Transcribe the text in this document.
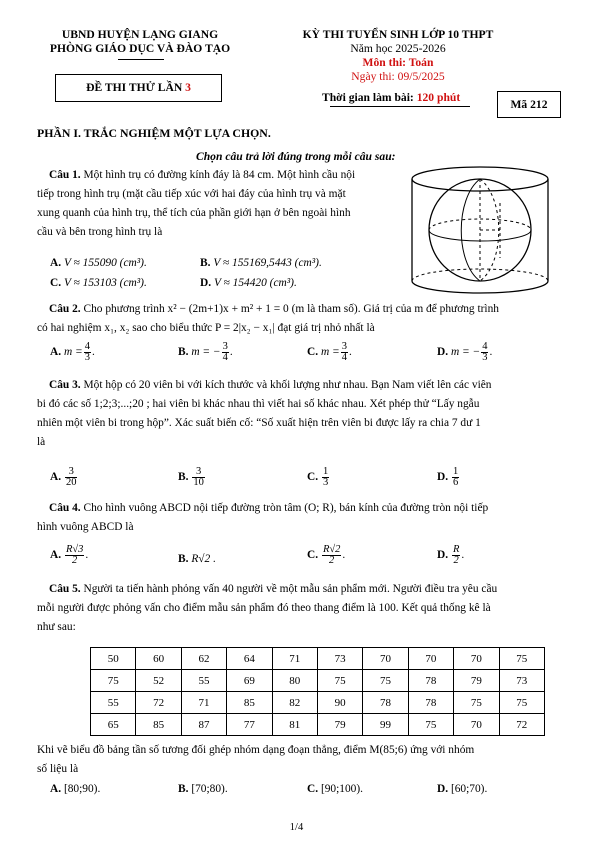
UBND HUYỆN LẠNG GIANG
PHÒNG GIÁO DỤC VÀ ĐÀO TẠO
ĐỀ THI THỬ LẦN 3
KỲ THI TUYỂN SINH LỚP 10 THPT
Năm học 2025-2026
Môn thi: Toán
Ngày thi: 09/5/2025
Thời gian làm bài: 120 phút
Mã 212
PHẦN I. TRẮC NGHIỆM MỘT LỰA CHỌN.
Chọn câu trả lời đúng trong mỗi câu sau:
Câu 1. Một hình trụ có đường kính đáy là 84 cm. Một hình cầu nội
tiếp trong hình trụ (mặt cầu tiếp xúc với hai đáy của hình trụ và mặt
xung quanh của hình trụ, thể tích của phần giới hạn ở bên ngoài hình
cầu và bên trong hình trụ là
A. V ≈ 155090 (cm³).	B. V ≈ 155169,5443 (cm³).
C. V ≈ 153103 (cm³).	D. V ≈ 154420 (cm³).
Câu 2. Cho phương trình x² − (2m+1)x + m² + 1 = 0 (m là tham số). Giá trị của m để phương trình
có hai nghiệm x₁, x₂ sao cho biểu thức P = 2|x₂ − x₁| đạt giá trị nhỏ nhất là
A. $m = \frac{4}{3}$ .	B. m = − $\frac{3}{4}$ .	C. $m = \frac{3}{4}$ .	D. m = − $\frac{4}{3}$ .
Câu 3. Một hộp có 20 viên bi với kích thước và khối lượng như nhau. Bạn Nam viết lên các viên
bi đó các số 1;2;3;...;20 ; hai viên bi khác nhau thì viết hai số khác nhau. Xét phép thử “Lấy ngẫu
nhiên một viên bi trong hộp”. Xác suất biến cố: “Số xuất hiện trên viên bi được lấy ra chia 7 dư 1
là
A. $\frac{3}{20}$	B. $\frac{3}{10}$	C. $\frac{1}{3}$	D. $\frac{1}{6}$
Câu 4. Cho hình vuông ABCD nội tiếp đường tròn tâm (O; R), bán kính của đường tròn nội tiếp
hình vuông ABCD là
A. $\frac{R√3}{2}$ .	B. R√2 .	C. $\frac{R√2}{2}$ .	D. $\frac{R}{2}$ .
Câu 5. Người ta tiến hành phỏng vấn 40 người về một mẫu sản phẩm mới. Người điều tra yêu cầu
mỗi người được phỏng vấn cho điểm mẫu sản phẩm đó theo thang điểm là 100. Kết quả thống kê là
như sau:
50	60	62	64	71	73	70	70	70	75
75	52	55	69	80	75	75	78	79	73
55	72	71	85	82	90	78	78	75	75
65	85	87	77	81	79	99	75	70	72
Khi vẽ biểu đồ bảng tần số tương đối ghép nhóm dạng đoạn thẳng, điểm M(85;6) ứng với nhóm
số liệu là
A. [80;90).	B. [70;80).	C. [90;100).	D. [60;70).
1/4
